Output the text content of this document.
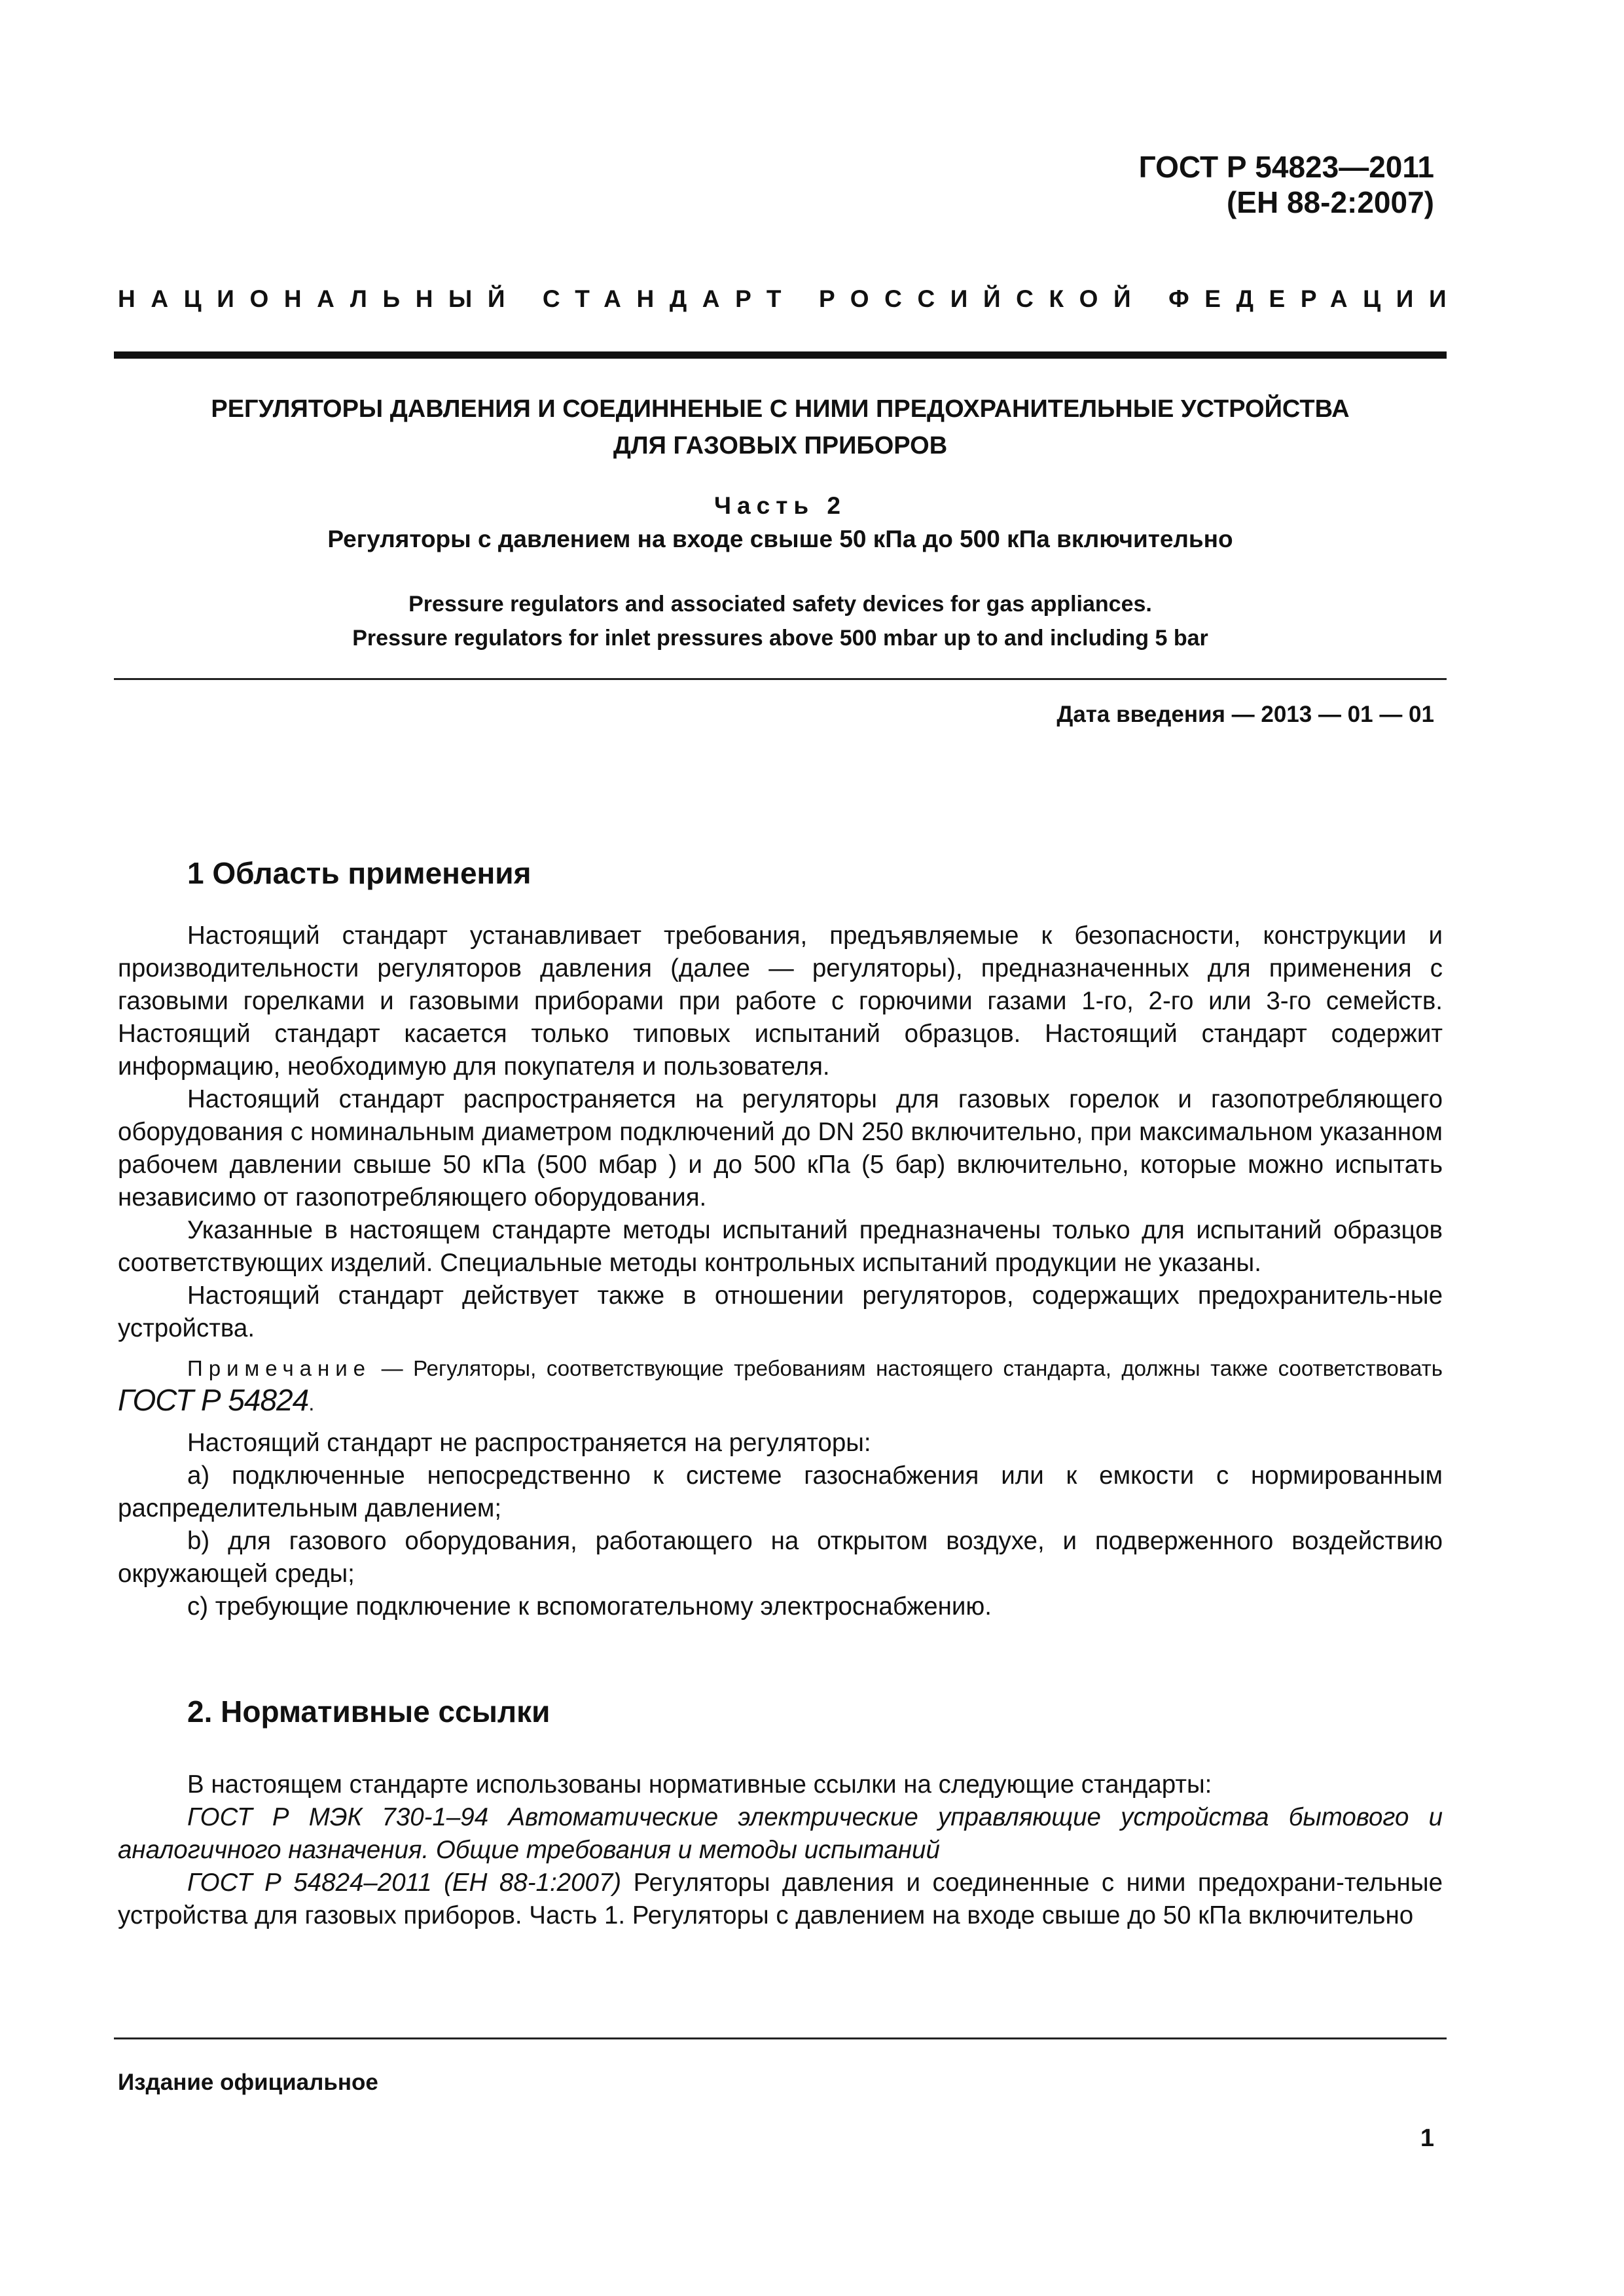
ГОСТ Р 54823—2011
(ЕН 88-2:2007)
НАЦИОНАЛЬНЫЙ СТАНДАРТ РОССИЙСКОЙ ФЕДЕРАЦИИ
РЕГУЛЯТОРЫ ДАВЛЕНИЯ И СОЕДИННЕНЫЕ С НИМИ ПРЕДОХРАНИТЕЛЬНЫЕ УСТРОЙСТВА
ДЛЯ ГАЗОВЫХ ПРИБОРОВ
Часть 2
Регуляторы с давлением на входе свыше 50 кПа до 500 кПа включительно
Pressure regulators and associated safety devices for gas appliances.
Pressure regulators for inlet pressures above 500 mbar up to and including 5 bar
Дата введения — 2013 — 01 — 01
1 Область применения

Настоящий стандарт устанавливает требования, предъявляемые к безопасности, конструкции и производительности регуляторов давления (далее — регуляторы), предназначенных для применения с газовыми горелками и газовыми приборами при работе с горючими газами 1-го, 2-го или 3-го семейств. Настоящий стандарт касается только типовых испытаний образцов. Настоящий стандарт содержит информацию, необходимую для покупателя и пользователя.

Настоящий стандарт распространяется на регуляторы для газовых горелок и газопотребляющего оборудования с номинальным диаметром подключений до DN 250 включительно, при максимальном указанном рабочем давлении свыше 50 кПа (500 мбар ) и до 500 кПа (5 бар) включительно, которые можно испытать независимо от газопотребляющего оборудования.

Указанные в настоящем стандарте методы испытаний предназначены только для испытаний образцов соответствующих изделий. Специальные методы контрольных испытаний продукции не указаны.

Настоящий стандарт действует также в отношении регуляторов, содержащих предохранитель-ные устройства.

Примечание — Регуляторы, соответствующие требованиям настоящего стандарта, должны также соответствовать ГОСТ Р 54824.

Настоящий стандарт не распространяется на регуляторы:

а) подключенные непосредственно к системе газоснабжения или к емкости с нормированным распределительным давлением;

b) для газового оборудования, работающего на открытом воздухе, и подверженного воздействию окружающей среды;

c) требующие подключение к вспомогательному электроснабжению.

2. Нормативные ссылки

В настоящем стандарте использованы нормативные ссылки на следующие стандарты:

ГОСТ Р МЭК 730-1–94 Автоматические электрические управляющие устройства бытового и аналогичного назначения. Общие требования и методы испытаний

ГОСТ Р 54824–2011 (ЕН 88-1:2007) Регуляторы давления и соединенные с ними предохрани-тельные устройства для газовых приборов. Часть 1. Регуляторы с давлением на входе свыше до 50 кПа включительно

Издание официальное
1
